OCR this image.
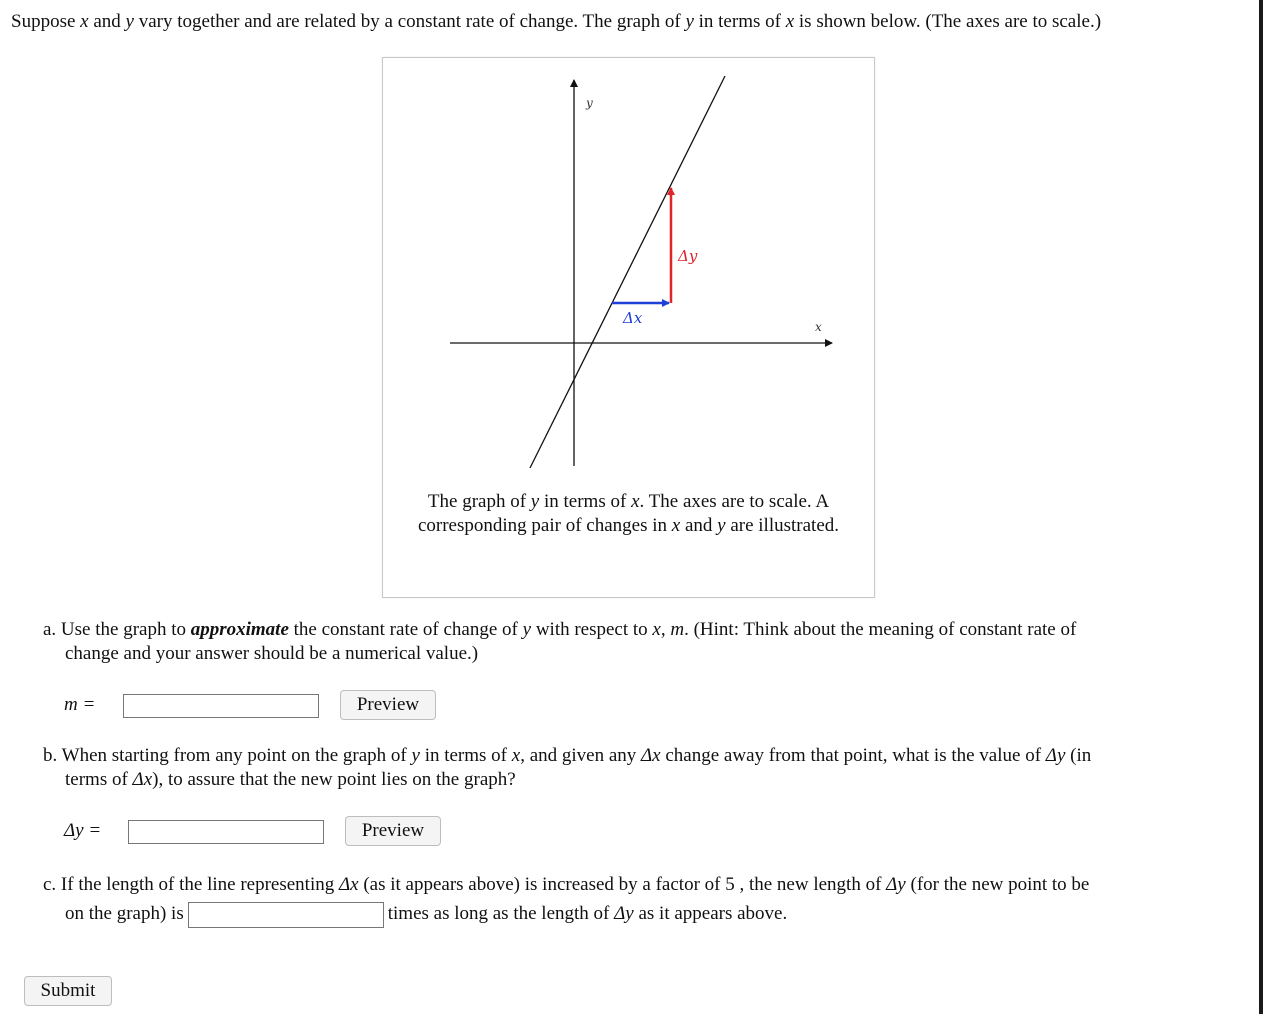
Suppose x and y vary together and are related by a constant rate of change. The graph of y in terms of x is shown below. (The axes are to scale.)
y
x
Δx
Δy
The graph of y in terms of x. The axes are to scale. A corresponding pair of changes in x and y are illustrated.
a. Use the graph to approximate the constant rate of change of y with respect to x, m. (Hint: Think about the meaning of constant rate of
change and your answer should be a numerical value.)
m =	Preview
b. When starting from any point on the graph of y in terms of x, and given any Δx change away from that point, what is the value of Δy (in
terms of Δx), to assure that the new point lies on the graph?
Δy =	Preview
c. If the length of the line representing Δx (as it appears above) is increased by a factor of 5 , the new length of Δy (for the new point to be
on the graph) is	times as long as the length of Δy as it appears above.
Submit
